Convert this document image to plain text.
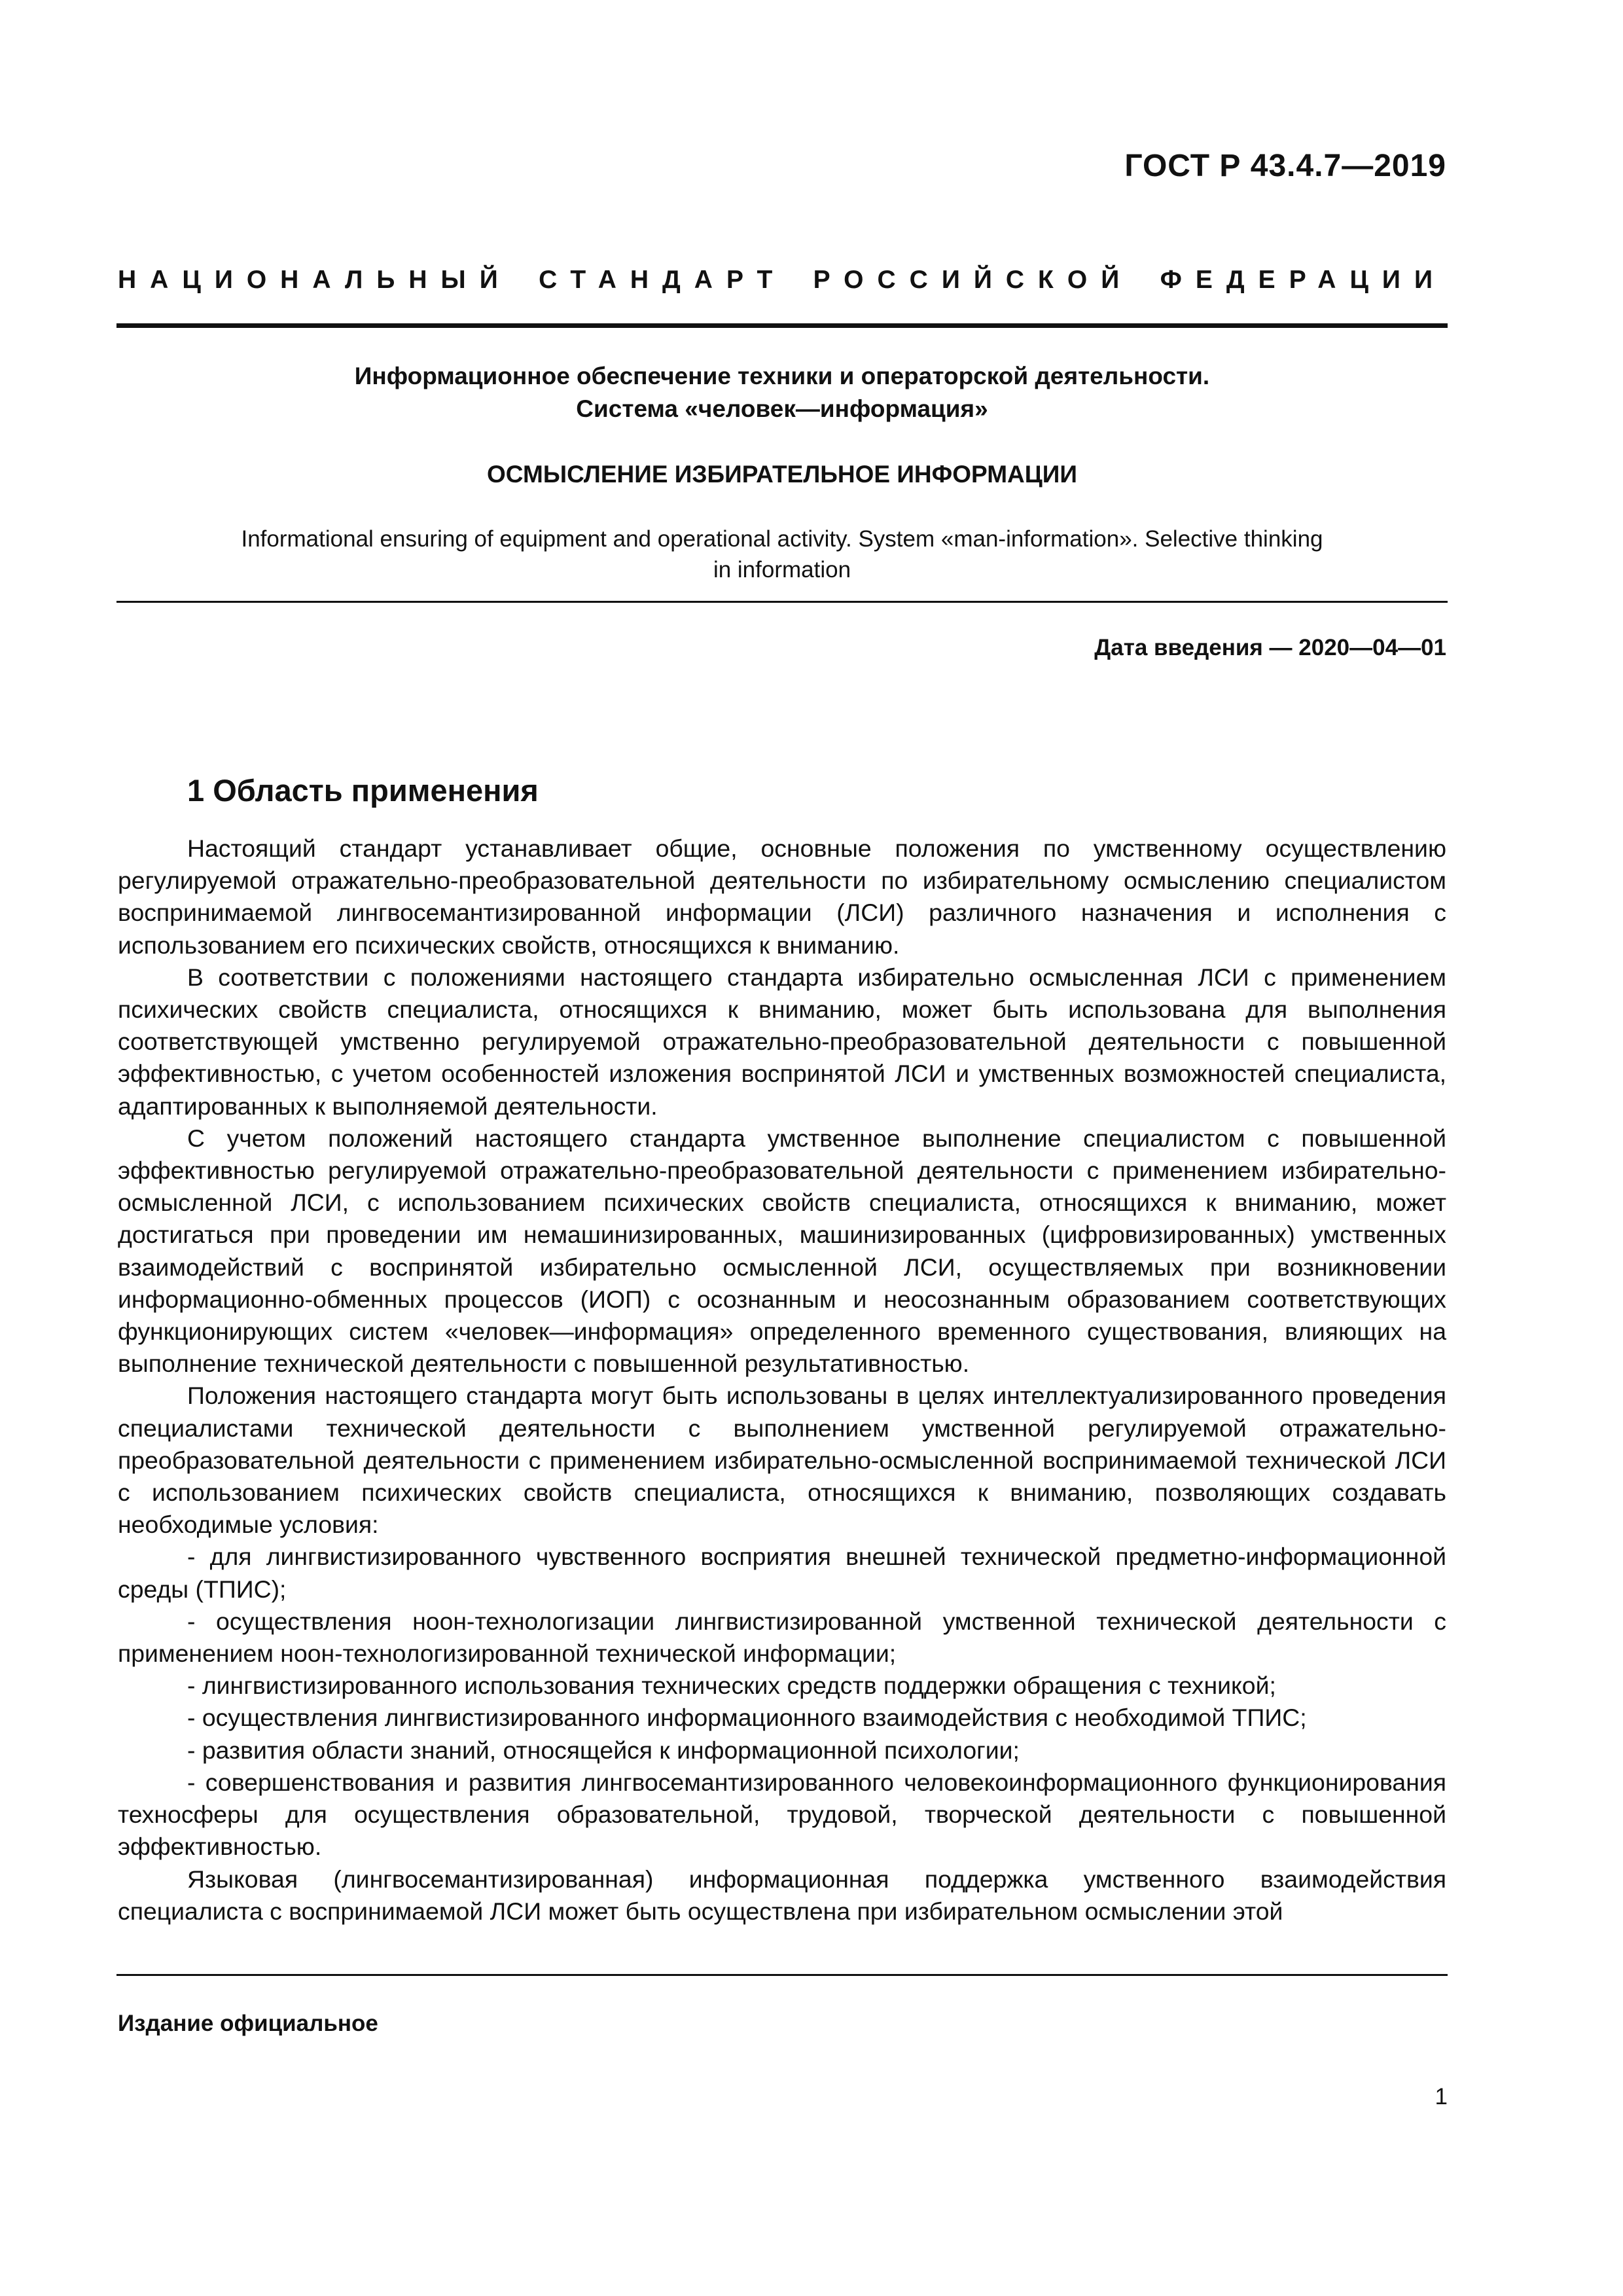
ГОСТ Р 43.4.7—2019
НАЦИОНАЛЬНЫЙ СТАНДАРТ РОССИЙСКОЙ ФЕДЕРАЦИИ
Информационное обеспечение техники и операторской деятельности.
Система «человек—информация»
ОСМЫСЛЕНИЕ ИЗБИРАТЕЛЬНОЕ ИНФОРМАЦИИ
Informational ensuring of equipment and operational activity. System «man-information». Selective thinking
in information
Дата введения — 2020—04—01
1 Область применения

Настоящий стандарт устанавливает общие, основные положения по умственному осуществлению регулируемой отражательно-преобразовательной деятельности по избирательному осмыслению специалистом воспринимаемой лингвосемантизированной информации (ЛСИ) различного назначения и исполнения с использованием его психических свойств, относящихся к вниманию.

В соответствии с положениями настоящего стандарта избирательно осмысленная ЛСИ с применением психических свойств специалиста, относящихся к вниманию, может быть использована для выполнения соответствующей умственно регулируемой отражательно-преобразовательной деятельности с повышенной эффективностью, с учетом особенностей изложения воспринятой ЛСИ и умственных возможностей специалиста, адаптированных к выполняемой деятельности.

С учетом положений настоящего стандарта умственное выполнение специалистом с повышенной эффективностью регулируемой отражательно-преобразовательной деятельности с применением избирательно-осмысленной ЛСИ, с использованием психических свойств специалиста, относящихся к вниманию, может достигаться при проведении им немашинизированных, машинизированных (цифровизированных) умственных взаимодействий с воспринятой избирательно осмысленной ЛСИ, осуществляемых при возникновении информационно-обменных процессов (ИОП) с осознанным и неосознанным образованием соответствующих функционирующих систем «человек—информация» определенного временного существования, влияющих на выполнение технической деятельности с повышенной результативностью.

Положения настоящего стандарта могут быть использованы в целях интеллектуализированного проведения специалистами технической деятельности с выполнением умственной регулируемой отражательно-преобразовательной деятельности с применением избирательно-осмысленной воспринимаемой технической ЛСИ с использованием психических свойств специалиста, относящихся к вниманию, позволяющих создавать необходимые условия:

- для лингвистизированного чувственного восприятия внешней технической предметно-информационной среды (ТПИС);

- осуществления ноон-технологизации лингвистизированной умственной технической деятельности с применением ноон-технологизированной технической информации;

- лингвистизированного использования технических средств поддержки обращения с техникой;

- осуществления лингвистизированного информационного взаимодействия с необходимой ТПИС;

- развития области знаний, относящейся к информационной психологии;

- совершенствования и развития лингвосемантизированного человекоинформационного функционирования техносферы для осуществления образовательной, трудовой, творческой деятельности с повышенной эффективностью.

Языковая (лингвосемантизированная) информационная поддержка умственного взаимодействия специалиста с воспринимаемой ЛСИ может быть осуществлена при избирательном осмыслении этой

Издание официальное
1
